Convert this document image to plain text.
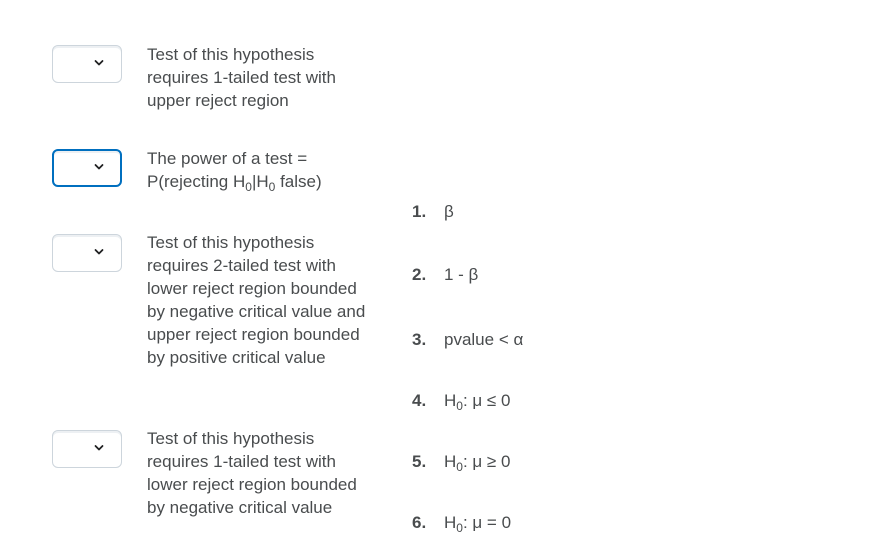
Test of this hypothesis requires 1-tailed test with upper reject region

The power of a test = P(rejecting $H_0|H_0$ false)

Test of this hypothesis requires 2-tailed test with lower reject region bounded by negative critical value and upper reject region bounded by positive critical value

Test of this hypothesis requires 1-tailed test with lower reject region bounded by negative critical value

1. β
2. 1 - β
3. pvalue < α
4. $H_0$: μ ≤ 0
5. $H_0$: μ ≥ 0
6. $H_0$: μ = 0
